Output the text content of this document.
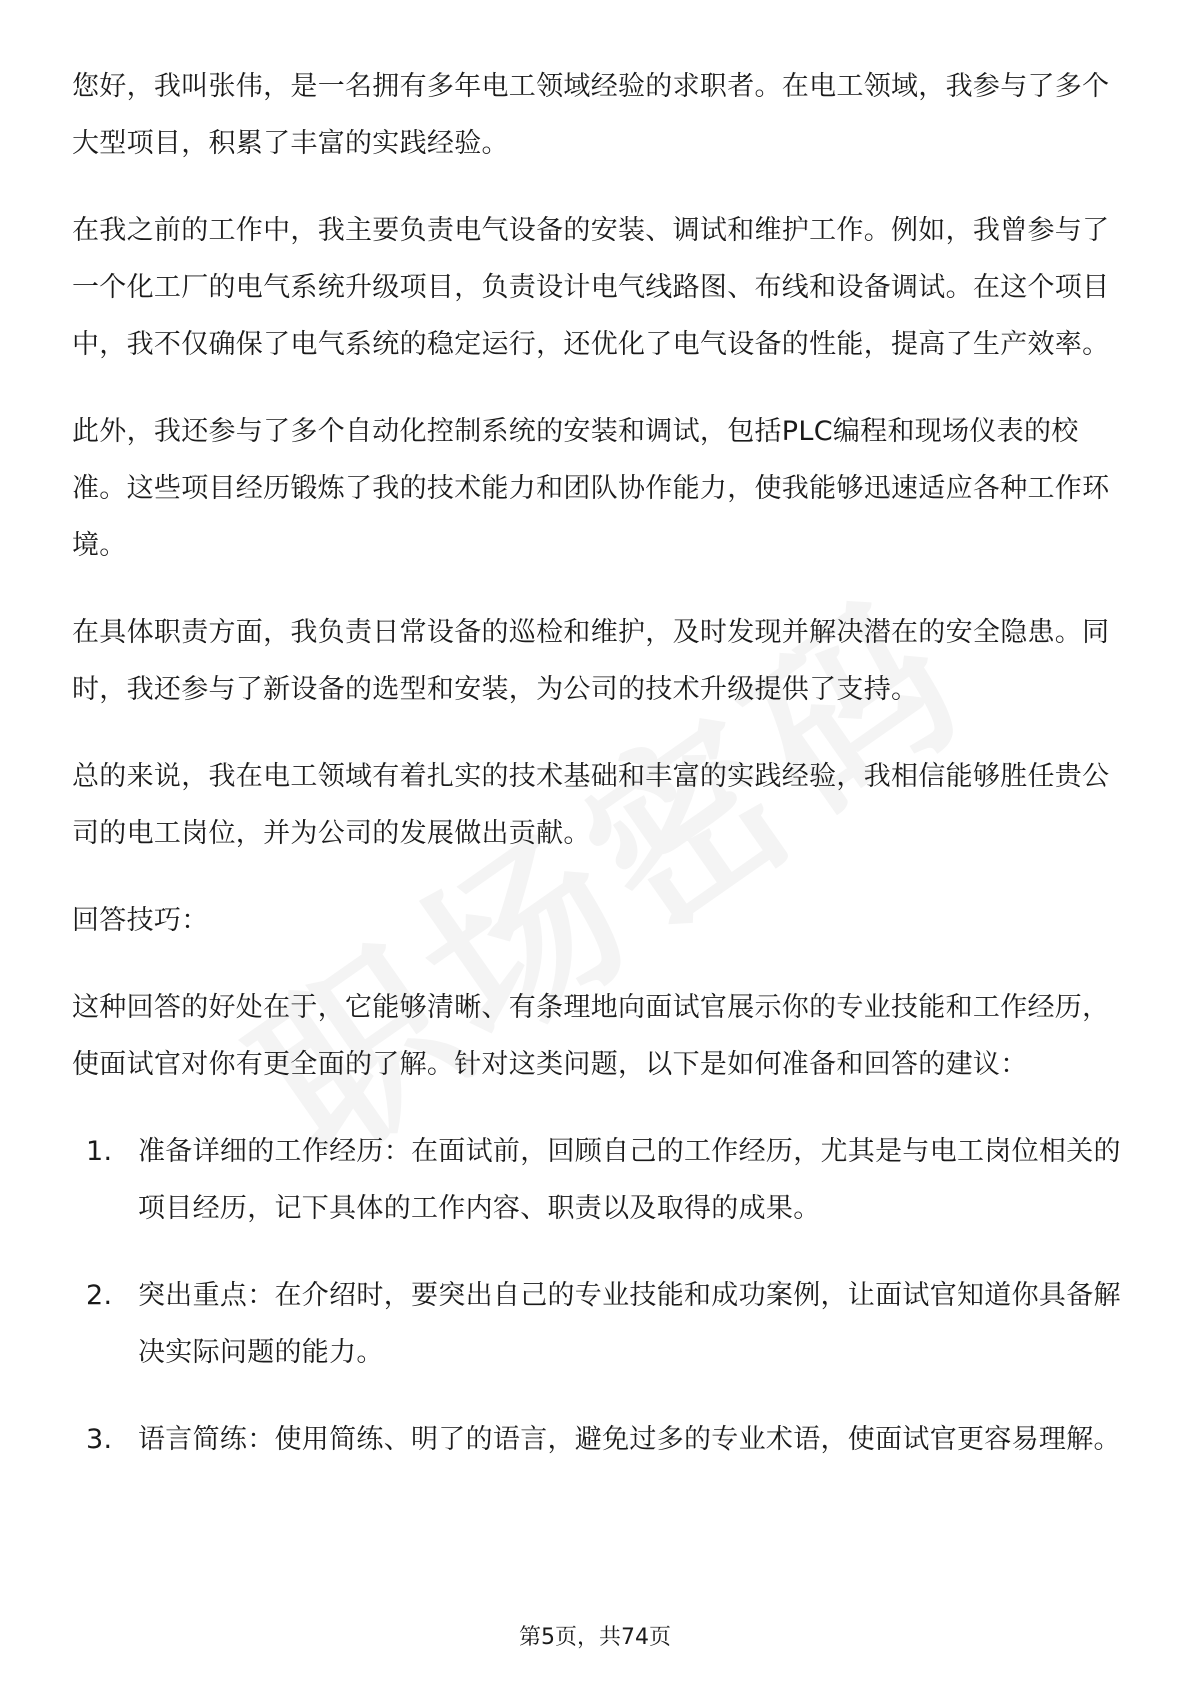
您好，我叫张伟，是一名拥有多年电工领域经验的求职者。在电工领域，我参与了多个大型项目，积累了丰富的实践经验。

在我之前的工作中，我主要负责电气设备的安装、调试和维护工作。例如，我曾参与了一个化工厂的电气系统升级项目，负责设计电气线路图、布线和设备调试。在这个项目中，我不仅确保了电气系统的稳定运行，还优化了电气设备的性能，提高了生产效率。

此外，我还参与了多个自动化控制系统的安装和调试，包括PLC编程和现场仪表的校准。这些项目经历锻炼了我的技术能力和团队协作能力，使我能够迅速适应各种工作环境。

在具体职责方面，我负责日常设备的巡检和维护，及时发现并解决潜在的安全隐患。同时，我还参与了新设备的选型和安装，为公司的技术升级提供了支持。

总的来说，我在电工领域有着扎实的技术基础和丰富的实践经验，我相信能够胜任贵公司的电工岗位，并为公司的发展做出贡献。

回答技巧：

这种回答的好处在于，它能够清晰、有条理地向面试官展示你的专业技能和工作经历，使面试官对你有更全面的了解。针对这类问题，以下是如何准备和回答的建议：

1. 准备详细的工作经历：在面试前，回顾自己的工作经历，尤其是与电工岗位相关的项目经历，记下具体的工作内容、职责以及取得的成果。
2. 突出重点：在介绍时，要突出自己的专业技能和成功案例，让面试官知道你具备解决实际问题的能力。
3. 语言简练：使用简练、明了的语言，避免过多的专业术语，使面试官更容易理解。
第5页，共74页
